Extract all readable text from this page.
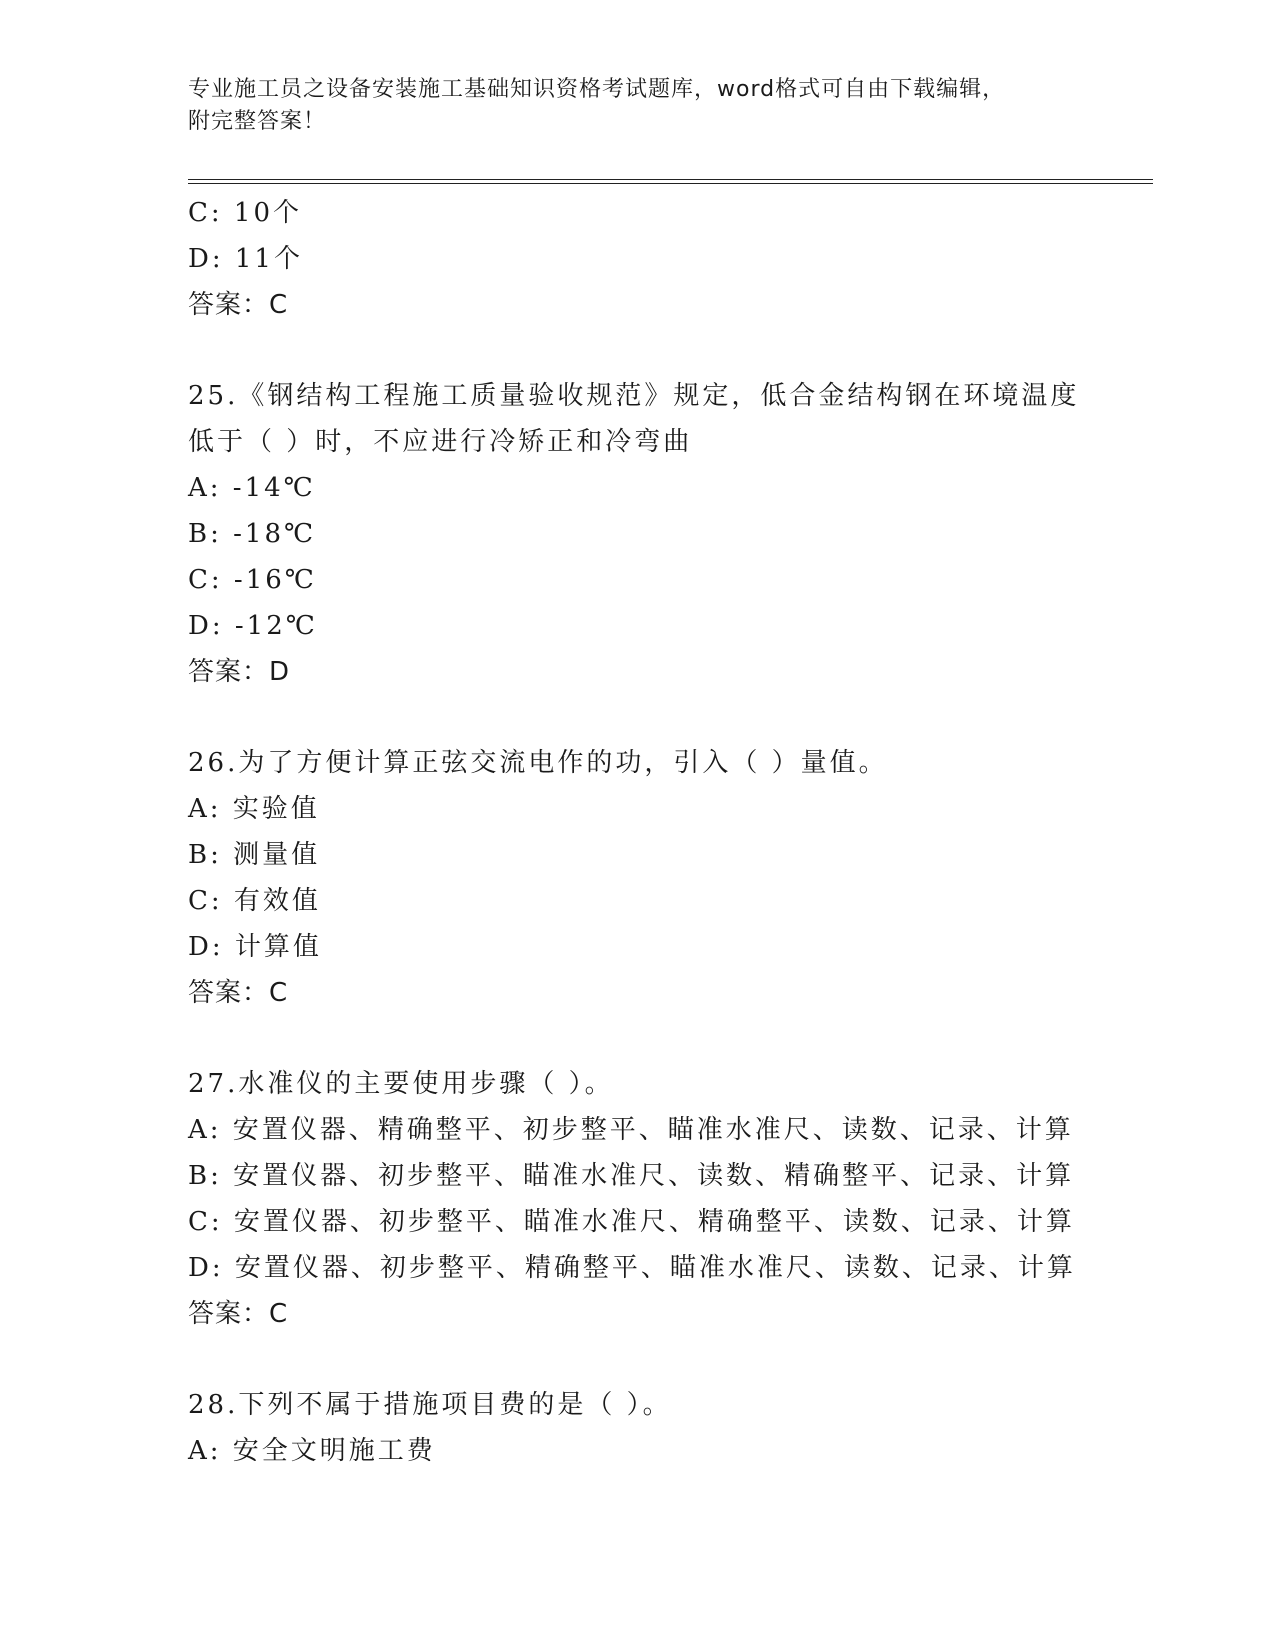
专业施工员之设备安装施工基础知识资格考试题库，word格式可自由下载编辑，
附完整答案！
C: 10个
D: 11个
答案：C
25.《钢结构工程施工质量验收规范》规定，低合金结构钢在环境温度
低于（ ）时，不应进行冷矫正和冷弯曲
A: -14℃
B: -18℃
C: -16℃
D: -12℃
答案：D
26.为了方便计算正弦交流电作的功，引入（ ）量值。
A: 实验值
B: 测量值
C: 有效值
D: 计算值
答案：C
27.水准仪的主要使用步骤（ ）。
A: 安置仪器、精确整平、初步整平、瞄准水准尺、读数、记录、计算
B: 安置仪器、初步整平、瞄准水准尺、读数、精确整平、记录、计算
C: 安置仪器、初步整平、瞄准水准尺、精确整平、读数、记录、计算
D: 安置仪器、初步整平、精确整平、瞄准水准尺、读数、记录、计算
答案：C
28.下列不属于措施项目费的是（ ）。
A: 安全文明施工费
